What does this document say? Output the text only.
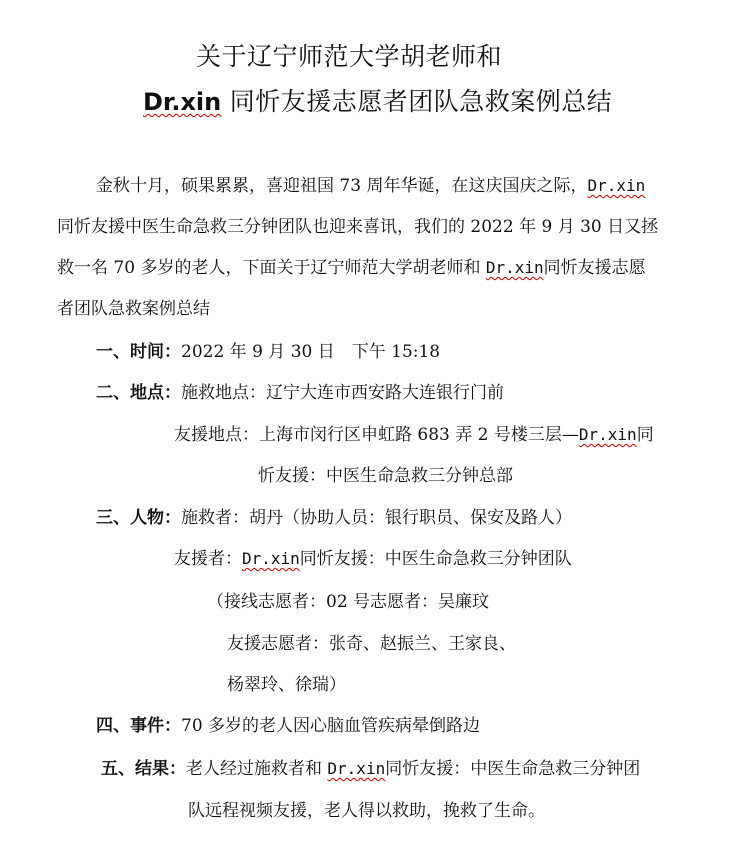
关于辽宁师范大学胡老师和
Dr.xin 同忻友援志愿者团队急救案例总结
金秋十月，硕果累累，喜迎祖国 73 周年华诞，在这庆国庆之际，Dr.xin
同忻友援中医生命急救三分钟团队也迎来喜讯，我们的 2022 年 9 月 30 日又拯
救一名 70 多岁的老人，下面关于辽宁师范大学胡老师和 Dr.xin同忻友援志愿
者团队急救案例总结
一、时间：2022 年 9 月 30 日　下午 15:18
二、地点：施救地点：辽宁大连市西安路大连银行门前
友援地点：上海市闵行区申虹路 683 弄 2 号楼三层—Dr.xin同
忻友援：中医生命急救三分钟总部
三、人物：施救者：胡丹（协助人员：银行职员、保安及路人）
友援者：Dr.xin同忻友援：中医生命急救三分钟团队
（接线志愿者：02 号志愿者：吴廉玟
友援志愿者：张奇、赵振兰、王家良、
杨翠玲、徐瑞）
四、事件：70 多岁的老人因心脑血管疾病晕倒路边
五、结果：老人经过施救者和 Dr.xin同忻友援：中医生命急救三分钟团
队远程视频友援，老人得以救助，挽救了生命。
